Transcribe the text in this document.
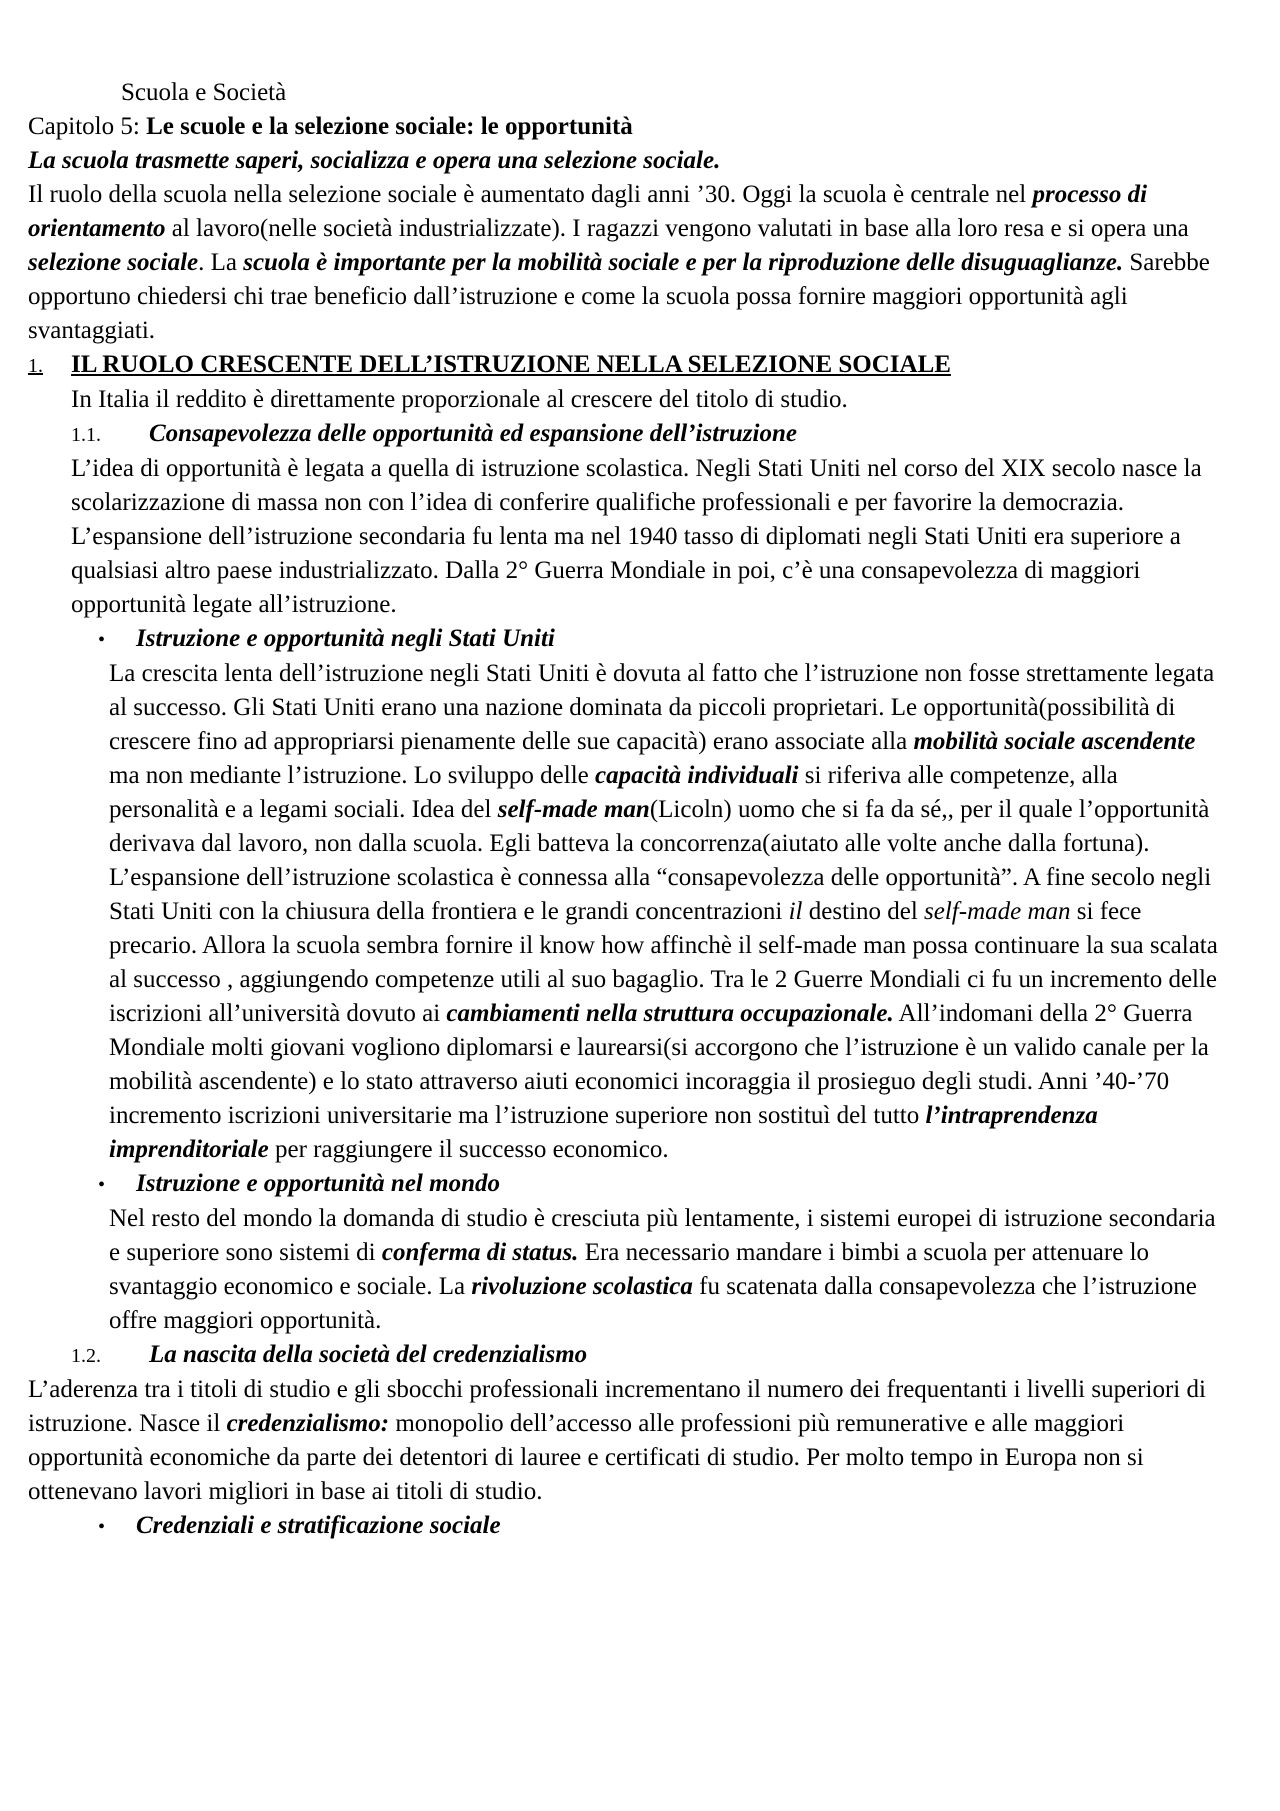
Scuola e Società

Capitolo 5: Le scuole e la selezione sociale: le opportunità

La scuola trasmette saperi, socializza e opera una selezione sociale.

Il ruolo della scuola nella selezione sociale è aumentato dagli anni ’30. Oggi la scuola è centrale nel processo di orientamento al lavoro(nelle società industrializzate). I ragazzi vengono valutati in base alla loro resa e si opera una selezione sociale. La scuola è importante per la mobilità sociale e per la riproduzione delle disuguaglianze. Sarebbe opportuno chiedersi chi trae beneficio dall’istruzione e come la scuola possa fornire maggiori opportunità agli svantaggiati.

1.	IL RUOLO CRESCENTE DELL’ISTRUZIONE NELLA SELEZIONE SOCIALE

In Italia il reddito è direttamente proporzionale al crescere del titolo di studio.

1.1.	Consapevolezza delle opportunità ed espansione dell’istruzione

L’idea di opportunità è legata a quella di istruzione scolastica. Negli Stati Uniti nel corso del XIX secolo nasce la scolarizzazione di massa non con l’idea di conferire qualifiche professionali e per favorire la democrazia. L’espansione dell’istruzione secondaria fu lenta ma nel 1940 tasso di diplomati negli Stati Uniti era superiore a qualsiasi altro paese industrializzato. Dalla 2° Guerra Mondiale in poi, c’è una consapevolezza di maggiori opportunità legate all’istruzione.

•	Istruzione e opportunità negli Stati Uniti

La crescita lenta dell’istruzione negli Stati Uniti è dovuta al fatto che l’istruzione non fosse strettamente legata al successo. Gli Stati Uniti erano una nazione dominata da piccoli proprietari. Le opportunità(possibilità di crescere fino ad appropriarsi pienamente delle sue capacità) erano associate alla mobilità sociale ascendente ma non mediante l’istruzione. Lo sviluppo delle capacità individuali si riferiva alle competenze, alla personalità e a legami sociali. Idea del self-made man(Licoln) uomo che si fa da sé,, per il quale l’opportunità derivava dal lavoro, non dalla scuola. Egli batteva la concorrenza(aiutato alle volte anche dalla fortuna). L’espansione dell’istruzione scolastica è connessa alla “consapevolezza delle opportunità”. A fine secolo negli Stati Uniti con la chiusura della frontiera e le grandi concentrazioni il destino del self-made man si fece precario. Allora la scuola sembra fornire il know how affinchè il self-made man possa continuare la sua scalata al successo , aggiungendo competenze utili al suo bagaglio. Tra le 2 Guerre Mondiali ci fu un incremento delle iscrizioni all’università dovuto ai cambiamenti nella struttura occupazionale. All’indomani della 2° Guerra Mondiale molti giovani vogliono diplomarsi e laurearsi(si accorgono che l’istruzione è un valido canale per la mobilità ascendente) e lo stato attraverso aiuti economici incoraggia il prosieguo degli studi. Anni ’40-’70 incremento iscrizioni universitarie ma l’istruzione superiore non sostituì del tutto l’intraprendenza imprenditoriale per raggiungere il successo economico.

•	Istruzione e opportunità nel mondo

Nel resto del mondo la domanda di studio è cresciuta più lentamente, i sistemi europei di istruzione secondaria e superiore sono sistemi di conferma di status. Era necessario mandare i bimbi a scuola per attenuare lo svantaggio economico e sociale. La rivoluzione scolastica fu scatenata dalla consapevolezza che l’istruzione offre maggiori opportunità.

1.2.	La nascita della società del credenzialismo

L’aderenza tra i titoli di studio e gli sbocchi professionali incrementano il numero dei frequentanti i livelli superiori di istruzione. Nasce il credenzialismo: monopolio dell’accesso alle professioni più remunerative e alle maggiori opportunità economiche da parte dei detentori di lauree e certificati di studio. Per molto tempo in Europa non si ottenevano lavori migliori in base ai titoli di studio.

•	Credenziali e stratificazione sociale
